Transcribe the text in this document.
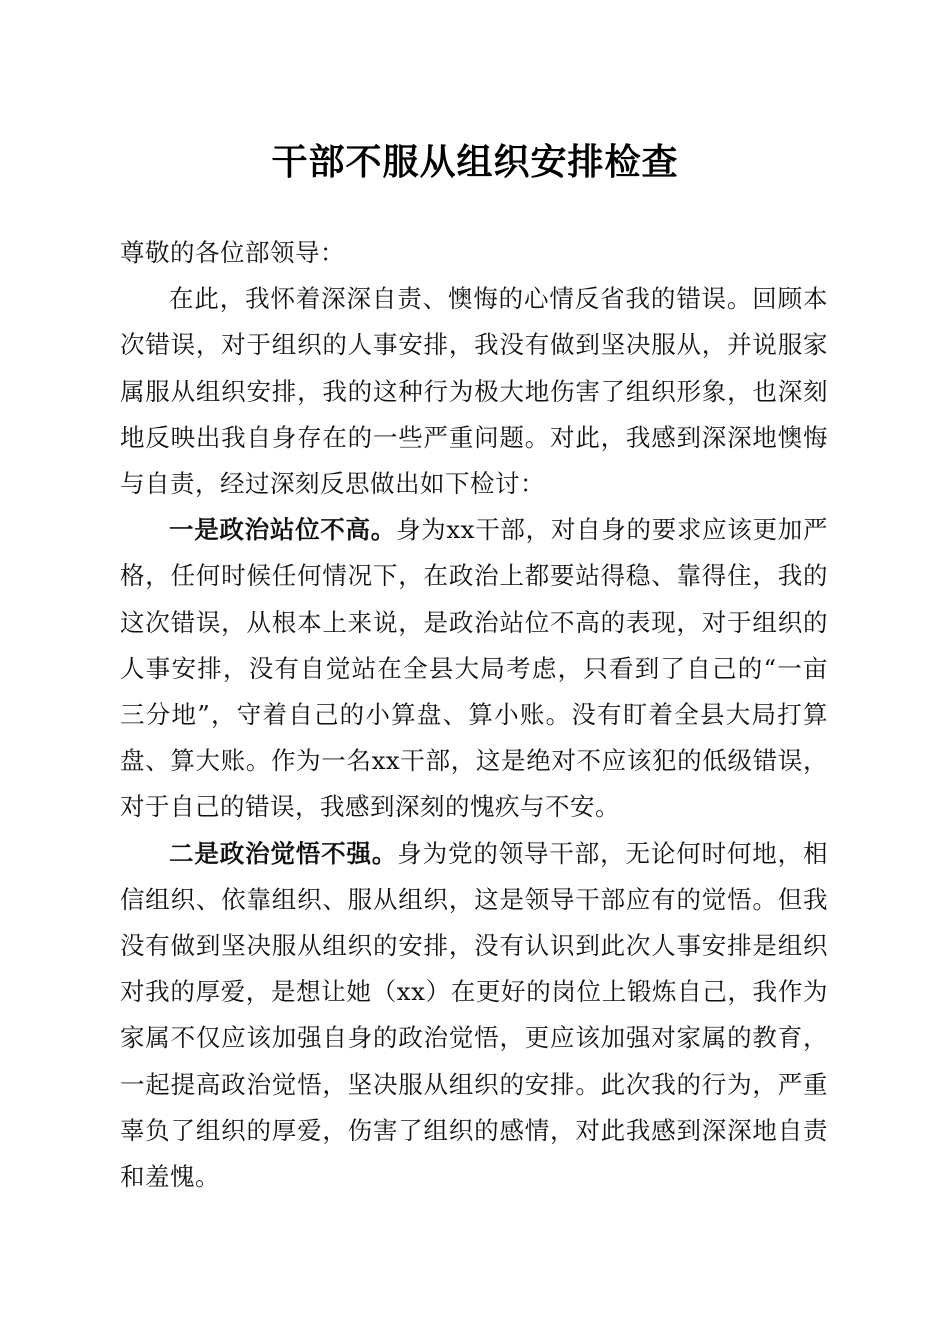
干部不服从组织安排检查

尊敬的各位部领导：

在此，我怀着深深自责、懊悔的心情反省我的错误。回顾本次错误，对于组织的人事安排，我没有做到坚决服从，并说服家属服从组织安排，我的这种行为极大地伤害了组织形象，也深刻地反映出我自身存在的一些严重问题。对此，我感到深深地懊悔与自责，经过深刻反思做出如下检讨：

一是政治站位不高。身为xx干部，对自身的要求应该更加严格，任何时候任何情况下，在政治上都要站得稳、靠得住，我的这次错误，从根本上来说，是政治站位不高的表现，对于组织的人事安排，没有自觉站在全县大局考虑，只看到了自己的“一亩三分地”，守着自己的小算盘、算小账。没有盯着全县大局打算盘、算大账。作为一名xx干部，这是绝对不应该犯的低级错误，对于自己的错误，我感到深刻的愧疚与不安。

二是政治觉悟不强。身为党的领导干部，无论何时何地，相信组织、依靠组织、服从组织，这是领导干部应有的觉悟。但我没有做到坚决服从组织的安排，没有认识到此次人事安排是组织对我的厚爱，是想让她（xx）在更好的岗位上锻炼自己，我作为家属不仅应该加强自身的政治觉悟，更应该加强对家属的教育，一起提高政治觉悟，坚决服从组织的安排。此次我的行为，严重辜负了组织的厚爱，伤害了组织的感情，对此我感到深深地自责和羞愧。
